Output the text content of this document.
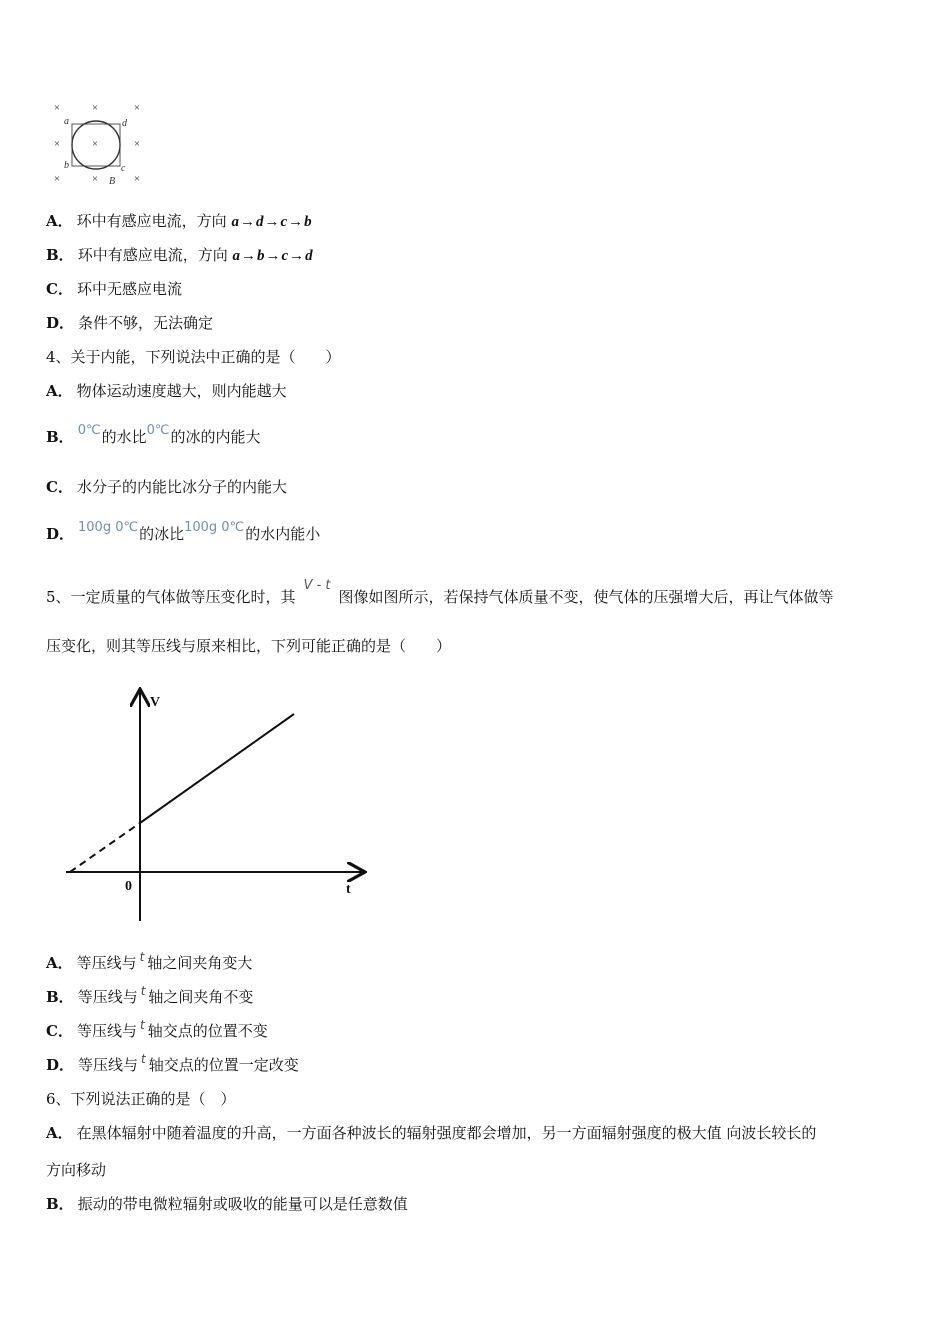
×	×	×
×	×	×
×	×	×
a	d
b	c
B
A． 环中有感应电流，方向 a→d→c→b
B． 环中有感应电流，方向 a→b→c→d
C． 环中无感应电流
D． 条件不够，无法确定
4、关于内能，下列说法中正确的是（　　）
A． 物体运动速度越大，则内能越大
B． 0℃的水比0℃的冰的内能大
C． 水分子的内能比冰分子的内能大
D． 100g 0℃的冰比100g 0℃的水内能小
5、一定质量的气体做等压变化时，其V - t图像如图所示，若保持气体质量不变，使气体的压强增大后，再让气体做等
压变化，则其等压线与原来相比，下列可能正确的是（　　）
V
t
0
A． 等压线与 $^t$ 轴之间夹角变大
B． 等压线与 $^t$ 轴之间夹角不变
C． 等压线与 $^t$ 轴交点的位置不变
D． 等压线与 $^t$ 轴交点的位置一定改变
6、下列说法正确的是（　）
A． 在黑体辐射中随着温度的升高，一方面各种波长的辐射强度都会增加，另一方面辐射强度的极大值 向波长较长的
方向移动
B． 振动的带电微粒辐射或吸收的能量可以是任意数值
